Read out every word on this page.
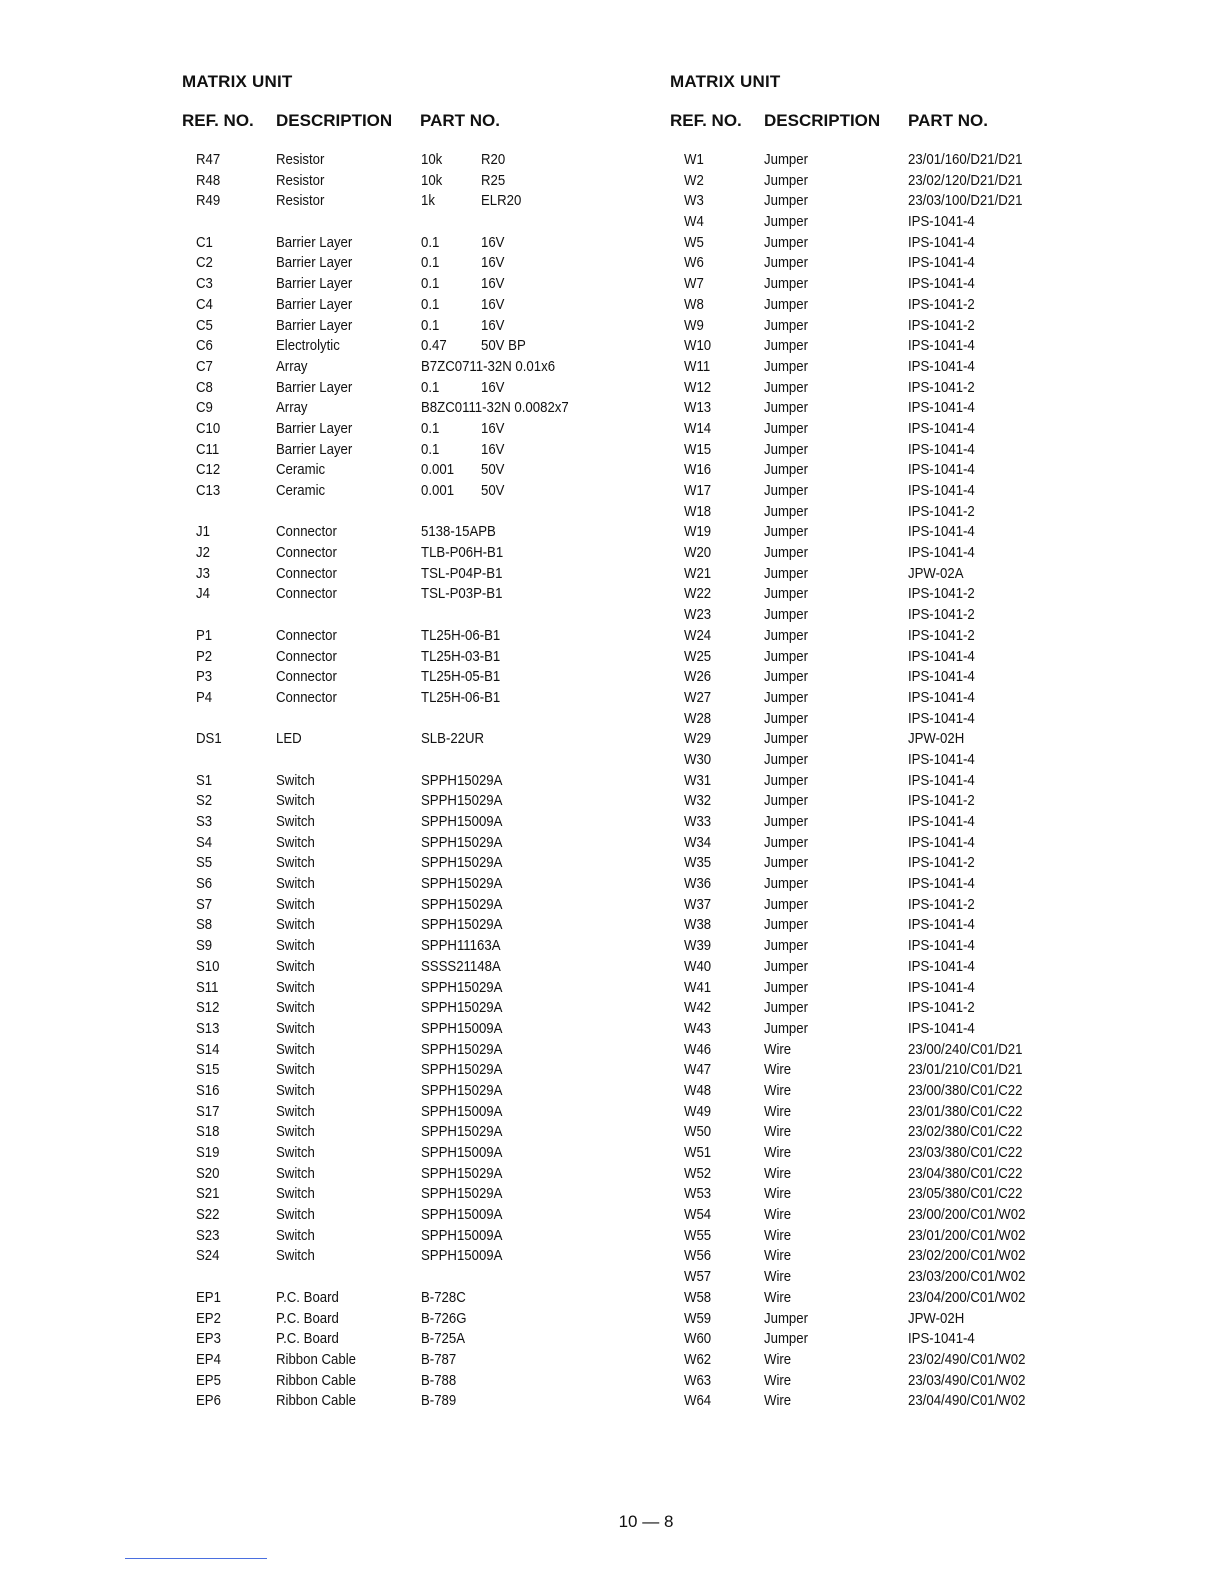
MATRIX UNIT
REF. NO. DESCRIPTION PART NO.
R47	Resistor	10k	R20
R48	Resistor	10k	R25
R49	Resistor	1k	ELR20
C1	Barrier Layer	0.1	16V
C2	Barrier Layer	0.1	16V
C3	Barrier Layer	0.1	16V
C4	Barrier Layer	0.1	16V
C5	Barrier Layer	0.1	16V
C6	Electrolytic	0.47 50V BP
C7	Array	B7ZC0711-32N 0.01x6
C8	Barrier Layer	0.1	16V
C9	Array	B8ZC0111-32N 0.0082x7
C10	Barrier Layer	0.1	16V
C11	Barrier Layer	0.1	16V
C12	Ceramic	0.001 50V
C13	Ceramic	0.001 50V
J1	Connector	5138-15APB
J2	Connector	TLB-P06H-B1
J3	Connector	TSL-P04P-B1
J4	Connector	TSL-P03P-B1
P1	Connector	TL25H-06-B1
P2	Connector	TL25H-03-B1
P3	Connector	TL25H-05-B1
P4	Connector	TL25H-06-B1
DS1	LED	SLB-22UR
S1	Switch	SPPH15029A
S2	Switch	SPPH15029A
S3	Switch	SPPH15009A
S4	Switch	SPPH15029A
S5	Switch	SPPH15029A
S6	Switch	SPPH15029A
S7	Switch	SPPH15029A
S8	Switch	SPPH15029A
S9	Switch	SPPH11163A
S10	Switch	SSSS21148A
S11	Switch	SPPH15029A
S12	Switch	SPPH15029A
S13	Switch	SPPH15009A
S14	Switch	SPPH15029A
S15	Switch	SPPH15029A
S16	Switch	SPPH15029A
S17	Switch	SPPH15009A
S18	Switch	SPPH15029A
S19	Switch	SPPH15009A
S20	Switch	SPPH15029A
S21	Switch	SPPH15029A
S22	Switch	SPPH15009A
S23	Switch	SPPH15009A
S24	Switch	SPPH15009A
EP1	P.C. Board	B-728C
EP2	P.C. Board	B-726G
EP3	P.C. Board	B-725A
EP4	Ribbon Cable	B-787
EP5	Ribbon Cable	B-788
EP6	Ribbon Cable	B-789
MATRIX UNIT
REF. NO. DESCRIPTION PART NO.
W1	Jumper	23/01/160/D21/D21
W2	Jumper	23/02/120/D21/D21
W3	Jumper	23/03/100/D21/D21
W4	Jumper	IPS-1041-4
W5	Jumper	IPS-1041-4
W6	Jumper	IPS-1041-4
W7	Jumper	IPS-1041-4
W8	Jumper	IPS-1041-2
W9	Jumper	IPS-1041-2
W10	Jumper	IPS-1041-4
W11	Jumper	IPS-1041-4
W12	Jumper	IPS-1041-2
W13	Jumper	IPS-1041-4
W14	Jumper	IPS-1041-4
W15	Jumper	IPS-1041-4
W16	Jumper	IPS-1041-4
W17	Jumper	IPS-1041-4
W18	Jumper	IPS-1041-2
W19	Jumper	IPS-1041-4
W20	Jumper	IPS-1041-4
W21	Jumper	JPW-02A
W22	Jumper	IPS-1041-2
W23	Jumper	IPS-1041-2
W24	Jumper	IPS-1041-2
W25	Jumper	IPS-1041-4
W26	Jumper	IPS-1041-4
W27	Jumper	IPS-1041-4
W28	Jumper	IPS-1041-4
W29	Jumper	JPW-02H
W30	Jumper	IPS-1041-4
W31	Jumper	IPS-1041-4
W32	Jumper	IPS-1041-2
W33	Jumper	IPS-1041-4
W34	Jumper	IPS-1041-4
W35	Jumper	IPS-1041-2
W36	Jumper	IPS-1041-4
W37	Jumper	IPS-1041-2
W38	Jumper	IPS-1041-4
W39	Jumper	IPS-1041-4
W40	Jumper	IPS-1041-4
W41	Jumper	IPS-1041-4
W42	Jumper	IPS-1041-2
W43	Jumper	IPS-1041-4
W46	Wire	23/00/240/C01/D21
W47	Wire	23/01/210/C01/D21
W48	Wire	23/00/380/C01/C22
W49	Wire	23/01/380/C01/C22
W50	Wire	23/02/380/C01/C22
W51	Wire	23/03/380/C01/C22
W52	Wire	23/04/380/C01/C22
W53	Wire	23/05/380/C01/C22
W54	Wire	23/00/200/C01/W02
W55	Wire	23/01/200/C01/W02
W56	Wire	23/02/200/C01/W02
W57	Wire	23/03/200/C01/W02
W58	Wire	23/04/200/C01/W02
W59	Jumper	JPW-02H
W60	Jumper	IPS-1041-4
W62	Wire	23/02/490/C01/W02
W63	Wire	23/03/490/C01/W02
W64	Wire	23/04/490/C01/W02
10 — 8
